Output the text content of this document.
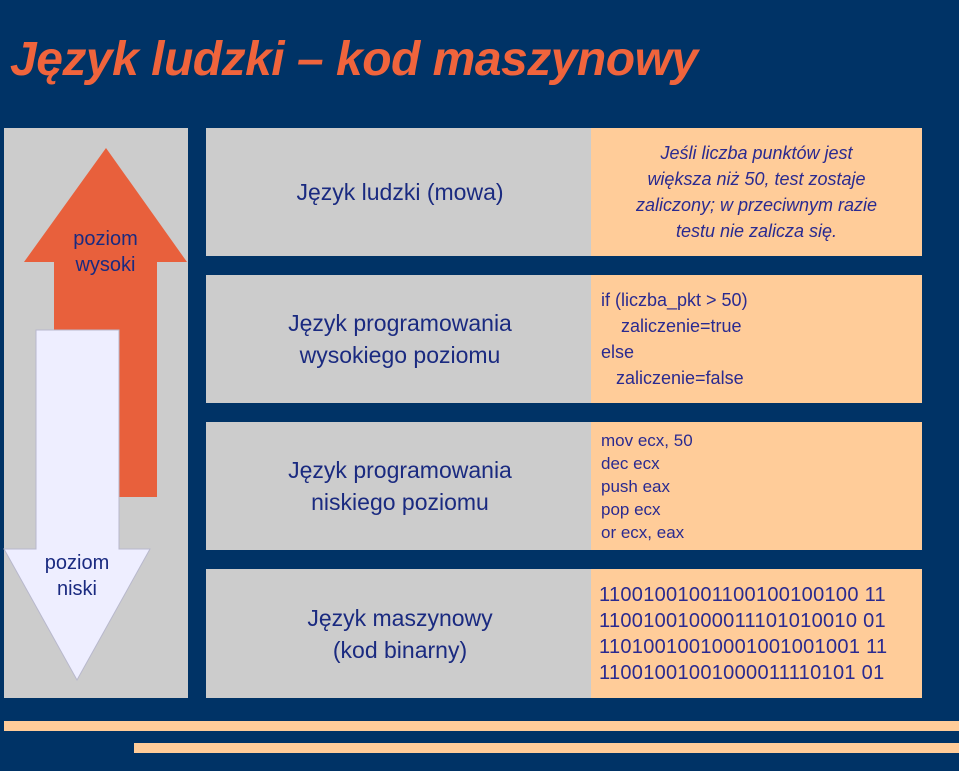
Język ludzki – kod maszynowy
poziom
wysoki
poziom
niski
Język ludzki (mowa)
Język programowania
wysokiego poziomu
Język programowania
niskiego poziomu
Język maszynowy
(kod binarny)
Jeśli liczba punktów jest
większa niż 50, test zostaje
zaliczony; w przeciwnym razie
testu nie zalicza się.
if (liczba_pkt > 50)
zaliczenie=true
else
zaliczenie=false
mov ecx, 50
dec ecx
push eax
pop ecx
or ecx, eax
11001001001100100100100 11
11001001000011101010010 01
11010010010001001001001 11
11001001001000011110101 01
